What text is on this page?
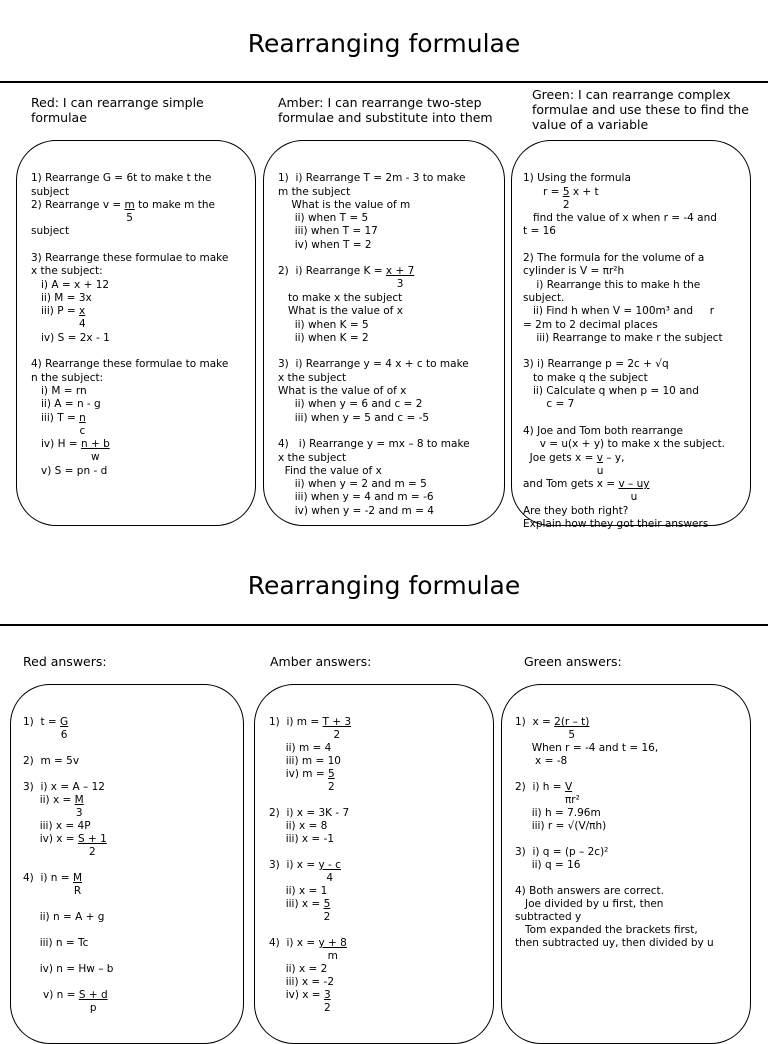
Rearranging formulae
Red: I can rearrange simple
formulae
Amber: I can rearrange two-step
formulae and substitute into them
Green: I can rearrange complex
formulae and use these to find the
value of a variable

1) Rearrange G = 6t to make t the
subject
2) Rearrange $v = \frac{m}{5}$ to make m the

subject

3) Rearrange these formulae to make
x the subject:
i) A = x + 12
ii) M = 3x
iii) $P = \frac{x}{4}$

iv) S = 2x - 1

4) Rearrange these formulae to make
n the subject:
i) M = rn
ii) A = n - g
iii) $T = \frac{n}{c}$

iv) $H = \frac{n + b}{w}$

v) S = pn - d

1)  i) Rearrange T = 2m - 3 to make
m the subject
What is the value of m
ii) when T = 5
iii) when T = 17
iv) when T = 2

2)  i) Rearrange $K = \frac{x + 7}{3}$

to make x the subject
What is the value of x
ii) when K = 5
ii) when K = 2

3)  i) Rearrange y = 4 x + c to make
x the subject
What is the value of of x
ii) when y = 6 and c = 2
iii) when y = 5 and c = -5

4)   i) Rearrange y = mx – 8 to make
x the subject
Find the value of x
ii) when y = 2 and m = 5
iii) when y = 4 and m = -6
iv) when y = -2 and m = 4

1) Using the formula
$r = \frac{5}{2}$ x + t

find the value of x when r = -4 and
t = 16

2) The formula for the volume of a
cylinder is V = πr²h
i) Rearrange this to make h the
subject.
ii) Find h when V = 100m³ and     r
= 2m to 2 decimal places
iii) Rearrange to make r the subject

3) i) Rearrange p = 2c + √q
to make q the subject
ii) Calculate q when p = 10 and
c = 7

4) Joe and Tom both rearrange
v = u(x + y) to make x the subject.
Joe gets $x = \frac{v}{u} - y$,

and Tom gets $x = \frac{v - uy}{u}$

Are they both right?
Explain how they got their answers

Rearranging formulae
Red answers:	Amber answers:	Green answers:

1)  $t = \frac{G}{6}$

2)  m = 5v

3)  i) x = A – 12
ii) $x = \frac{M}{3}$

iii) x = 4P
iv) $x = \frac{S + 1}{2}$

4)  i) $n = \frac{M}{R}$

ii) n = A + g

iii) n = Tc

iv) n = Hw – b

v) $n = \frac{S + d}{p}$

1)  i) $m = \frac{T + 3}{2}$

ii) m = 4
iii) m = 10
iv) $m = \frac{5}{2}$

2)  i) x = 3K - 7
ii) x = 8
iii) x = -1

3)  i) $x = \frac{y - c}{4}$

ii) x = 1
iii) $x = \frac{5}{2}$

4)  i) $x = \frac{y + 8}{m}$

ii) x = 2
iii) x = -2
iv) $x = \frac{3}{2}$

1)  $x = \frac{2(r - t)}{5}$

When r = -4 and t = 16,
x = -8

2)  i) $h = \frac{V}{\text{πr²}}$

ii) h = 7.96m
iii) r = √(V/πh)

3)  i) q = (p – 2c)²
ii) q = 16

4) Both answers are correct.
Joe divided by u first, then
subtracted y
Tom expanded the brackets first,
then subtracted uy, then divided by u
